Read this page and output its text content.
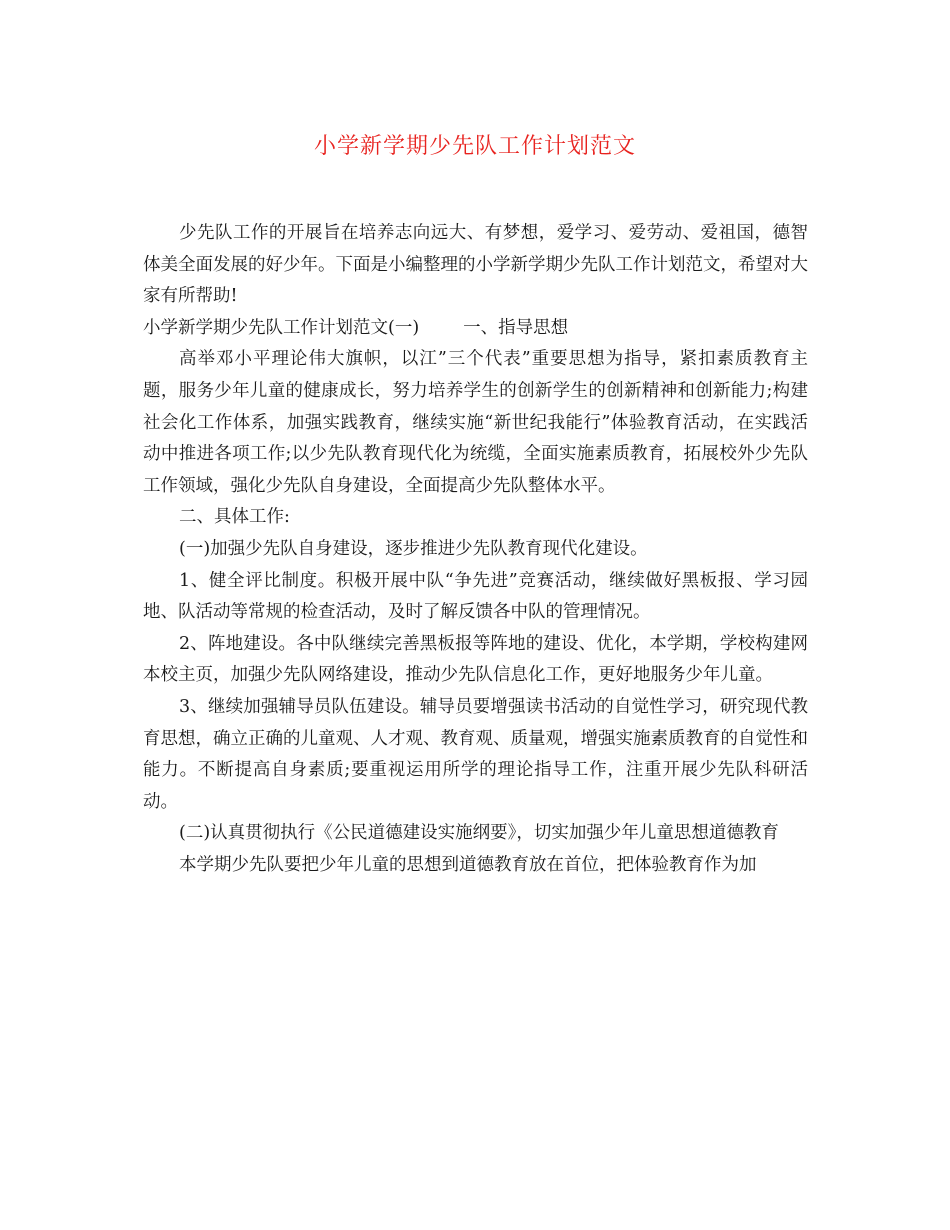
小学新学期少先队工作计划范文

少先队工作的开展旨在培养志向远大、有梦想，爱学习、爱劳动、爱祖国，德智体美全面发展的好少年。下面是小编整理的小学新学期少先队工作计划范文，希望对大家有所帮助!

小学新学期少先队工作计划范文(一)	一、指导思想

高举邓小平理论伟大旗帜，以江”三个代表”重要思想为指导，紧扣素质教育主题，服务少年儿童的健康成长，努力培养学生的创新学生的创新精神和创新能力;构建社会化工作体系，加强实践教育，继续实施“新世纪我能行”体验教育活动，在实践活动中推进各项工作;以少先队教育现代化为统缆，全面实施素质教育，拓展校外少先队工作领域，强化少先队自身建设，全面提高少先队整体水平。

二、具体工作:

(一)加强少先队自身建设，逐步推进少先队教育现代化建设。

1、健全评比制度。积极开展中队“争先进”竞赛活动，继续做好黑板报、学习园地、队活动等常规的检查活动，及时了解反馈各中队的管理情况。

2、阵地建设。各中队继续完善黑板报等阵地的建设、优化，本学期，学校构建网本校主页，加强少先队网络建设，推动少先队信息化工作，更好地服务少年儿童。

3、继续加强辅导员队伍建设。辅导员要增强读书活动的自觉性学习，研究现代教育思想，确立正确的儿童观、人才观、教育观、质量观，增强实施素质教育的自觉性和能力。不断提高自身素质;要重视运用所学的理论指导工作，注重开展少先队科研活动。

(二)认真贯彻执行《公民道德建设实施纲要》，切实加强少年儿童思想道德教育

本学期少先队要把少年儿童的思想到道德教育放在首位，把体验教育作为加
